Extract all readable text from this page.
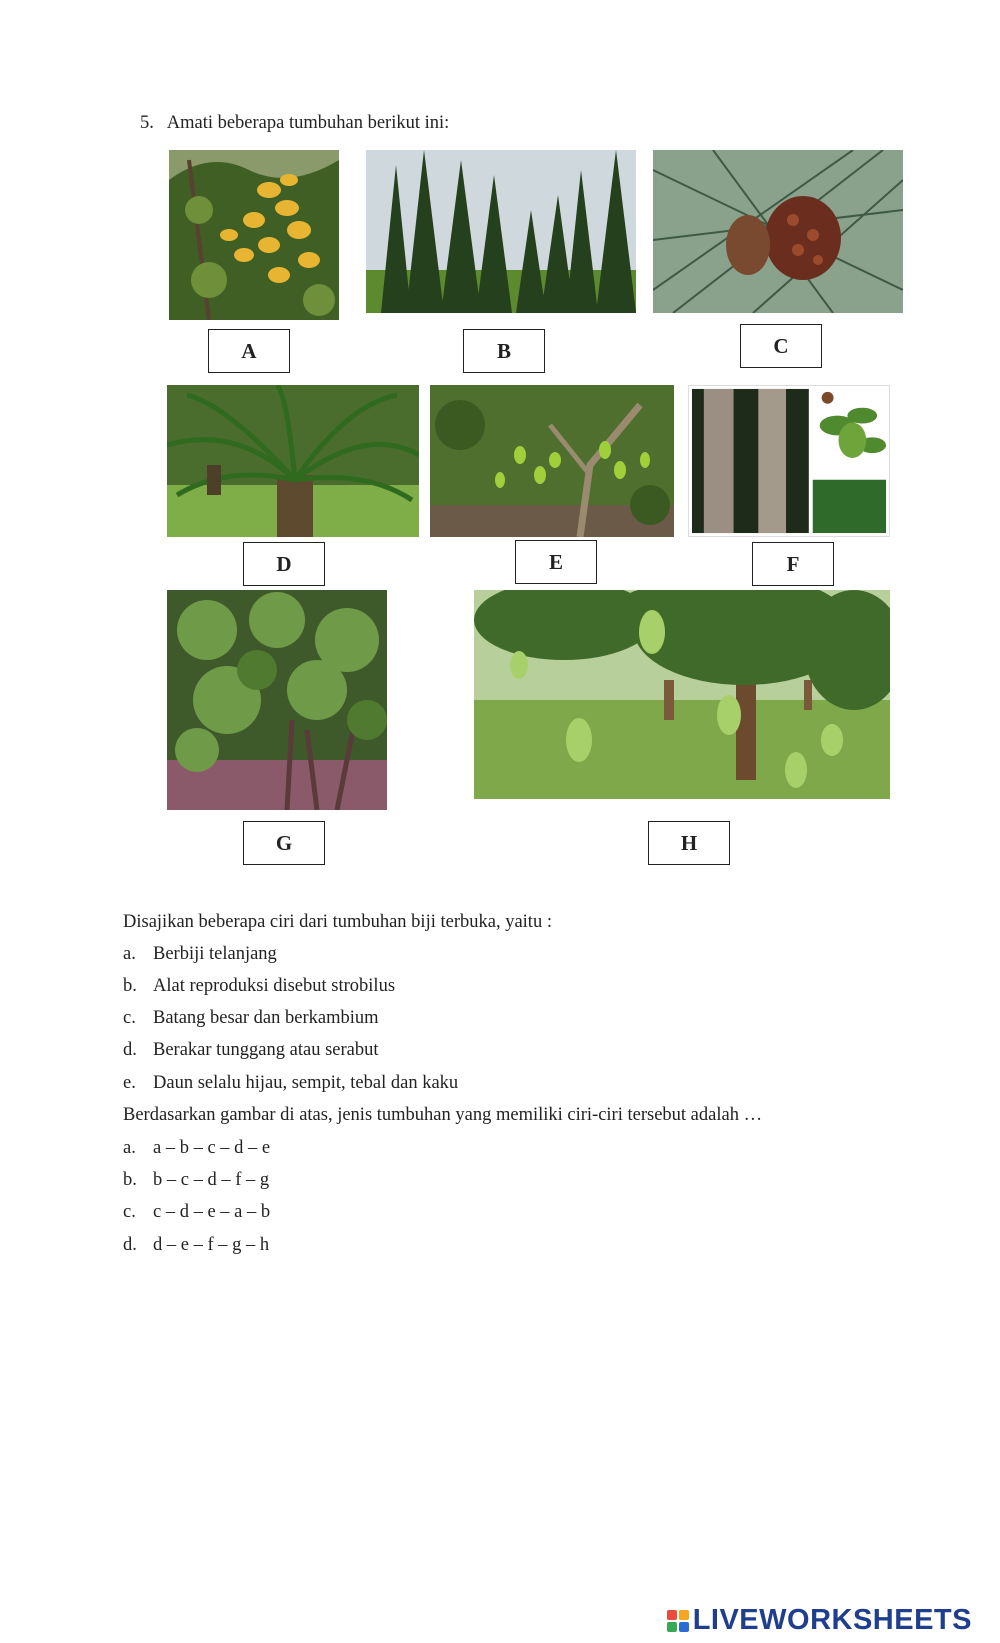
5. Amati beberapa tumbuhan berikut ini:
A	B	C
D	E	F
G	H
Disajikan beberapa ciri dari tumbuhan biji terbuka, yaitu :
a. Berbiji telanjang
b. Alat reproduksi disebut strobilus
c. Batang besar dan berkambium
d. Berakar tunggang atau serabut
e. Daun selalu hijau, sempit, tebal dan kaku
Berdasarkan gambar di atas, jenis tumbuhan yang memiliki ciri-ciri tersebut adalah …
a. a – b – c – d – e
b. b – c – d – f – g
c. c – d – e – a – b
d. d – e – f – g – h
LIVEWORKSHEETS
